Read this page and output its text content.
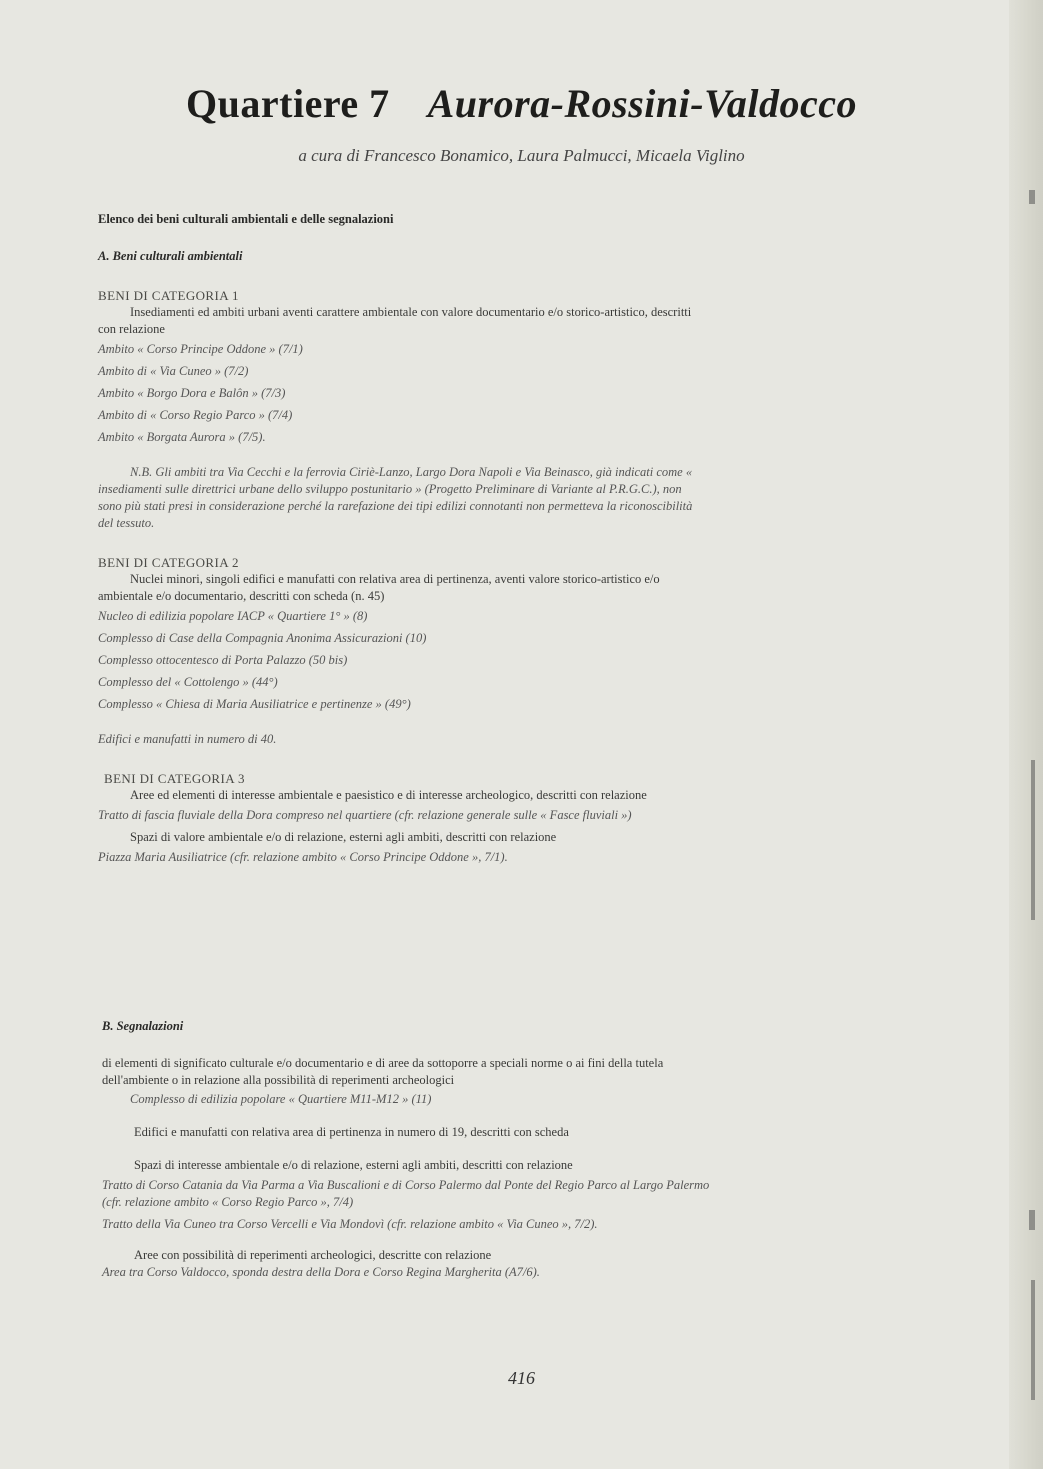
Quartiere 7 Aurora-Rossini-Valdocco
a cura di Francesco Bonamico, Laura Palmucci, Micaela Viglino

Elenco dei beni culturali ambientali e delle segnalazioni

A. Beni culturali ambientali

BENI DI CATEGORIA 1

Insediamenti ed ambiti urbani aventi carattere ambientale con valore documentario e/o storico-artistico, descritti con relazione

Ambito « Corso Principe Oddone » (7/1)

Ambito di « Via Cuneo » (7/2)

Ambito « Borgo Dora e Balôn » (7/3)

Ambito di « Corso Regio Parco » (7/4)

Ambito « Borgata Aurora » (7/5).

N.B. Gli ambiti tra Via Cecchi e la ferrovia Ciriè-Lanzo, Largo Dora Napoli e Via Beinasco, già indicati come « insediamenti sulle direttrici urbane dello sviluppo postunitario » (Progetto Preliminare di Variante al P.R.G.C.), non sono più stati presi in considerazione perché la rarefazione dei tipi edilizi connotanti non permetteva la riconoscibilità del tessuto.

BENI DI CATEGORIA 2

Nuclei minori, singoli edifici e manufatti con relativa area di pertinenza, aventi valore storico-artistico e/o ambientale e/o documentario, descritti con scheda (n. 45)

Nucleo di edilizia popolare IACP « Quartiere 1° » (8)

Complesso di Case della Compagnia Anonima Assicurazioni (10)

Complesso ottocentesco di Porta Palazzo (50 bis)

Complesso del « Cottolengo » (44°)

Complesso « Chiesa di Maria Ausiliatrice e pertinenze » (49°)

Edifici e manufatti in numero di 40.

BENI DI CATEGORIA 3

Aree ed elementi di interesse ambientale e paesistico e di interesse archeologico, descritti con relazione

Tratto di fascia fluviale della Dora compreso nel quartiere (cfr. relazione generale sulle « Fasce fluviali »)

Spazi di valore ambientale e/o di relazione, esterni agli ambiti, descritti con relazione

Piazza Maria Ausiliatrice (cfr. relazione ambito « Corso Principe Oddone », 7/1).

B. Segnalazioni

di elementi di significato culturale e/o documentario e di aree da sottoporre a speciali norme o ai fini della tutela dell'ambiente o in relazione alla possibilità di reperimenti archeologici

Complesso di edilizia popolare « Quartiere M11-M12 » (11)

Edifici e manufatti con relativa area di pertinenza in numero di 19, descritti con scheda

Spazi di interesse ambientale e/o di relazione, esterni agli ambiti, descritti con relazione

Tratto di Corso Catania da Via Parma a Via Buscalioni e di Corso Palermo dal Ponte del Regio Parco al Largo Palermo (cfr. relazione ambito « Corso Regio Parco », 7/4)

Tratto della Via Cuneo tra Corso Vercelli e Via Mondovì (cfr. relazione ambito « Via Cuneo », 7/2).

Aree con possibilità di reperimenti archeologici, descritte con relazione

Area tra Corso Valdocco, sponda destra della Dora e Corso Regina Margherita (A7/6).

416
